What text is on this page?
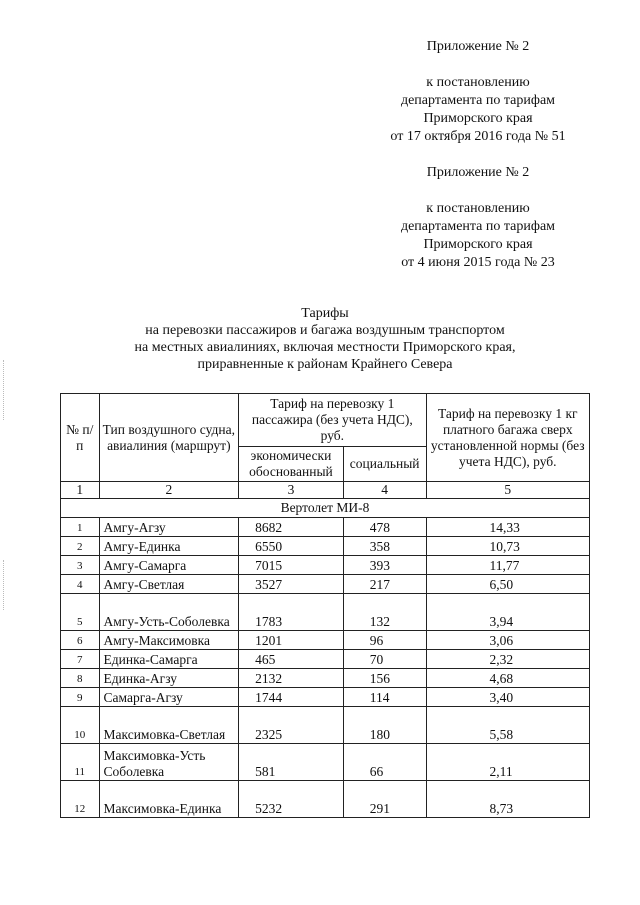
Приложение № 2

к постановлению
департамента по тарифам
Приморского края
от 17 октября 2016 года № 51

Приложение № 2
к постановлению
департамента по тарифам
Приморского края
от 4 июня 2015 года № 23
Тарифы
на перевозки пассажиров и багажа воздушным транспортом
на местных авиалиниях, включая местности Приморского края,
приравненные к районам Крайнего Севера
№ п/п	Тип воздушного судна, авиалиния (маршрут)	Тариф на перевозку 1 пассажира (без учета НДС), руб.		Тариф на перевозку 1 кг платного багажа сверх установленной нормы (без учета НДС), руб.
		экономически обоснованный	социальный	
1	2	3	4	5
Вертолет МИ-8				
1	Амгу-Агзу	8682	478	14,33
2	Амгу-Единка	6550	358	10,73
3	Амгу-Самарга	7015	393	11,77
4	Амгу-Светлая	3527	217	6,50
5	Амгу-Усть-Соболевка	1783	132	3,94
6	Амгу-Максимовка	1201	96	3,06
7	Единка-Самарга	465	70	2,32
8	Единка-Агзу	2132	156	4,68
9	Самарга-Агзу	1744	114	3,40
10	Максимовка-Светлая	2325	180	5,58
11	Максимовка-Усть Соболевка	581	66	2,11
12	Максимовка-Единка	5232	291	8,73
